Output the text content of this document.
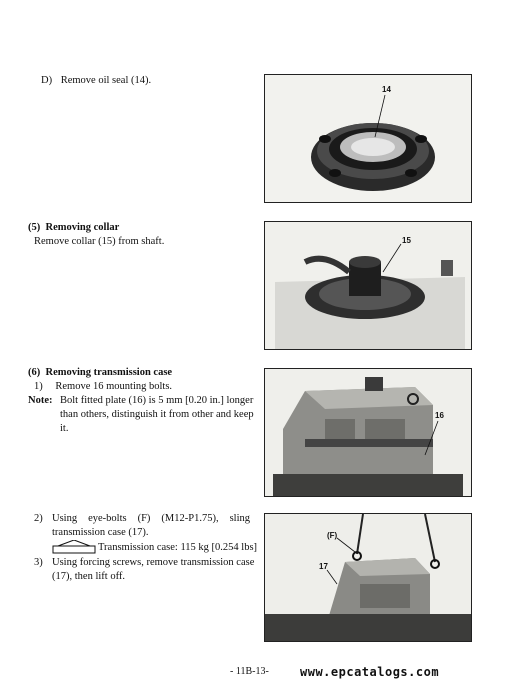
D) Remove oil seal (14).
14
(5)  Removing collar
Remove collar (15) from shaft.	15
(6)  Removing transmission case
1) Remove 16 mounting bolts.
Note: Bolt fitted plate (16) is 5 mm [0.20 in.] longer
than others, distinguish it from other and keep
it.
16
2) Using eye-bolts (F) (M12-P1.75), sling
transmission case (17).
Transmission case: 115 kg [0.254 lbs]
3) Using forcing screws, remove transmission case
(17), then lift off.
(F)
17
- 11B-13-	www.epcatalogs.com
